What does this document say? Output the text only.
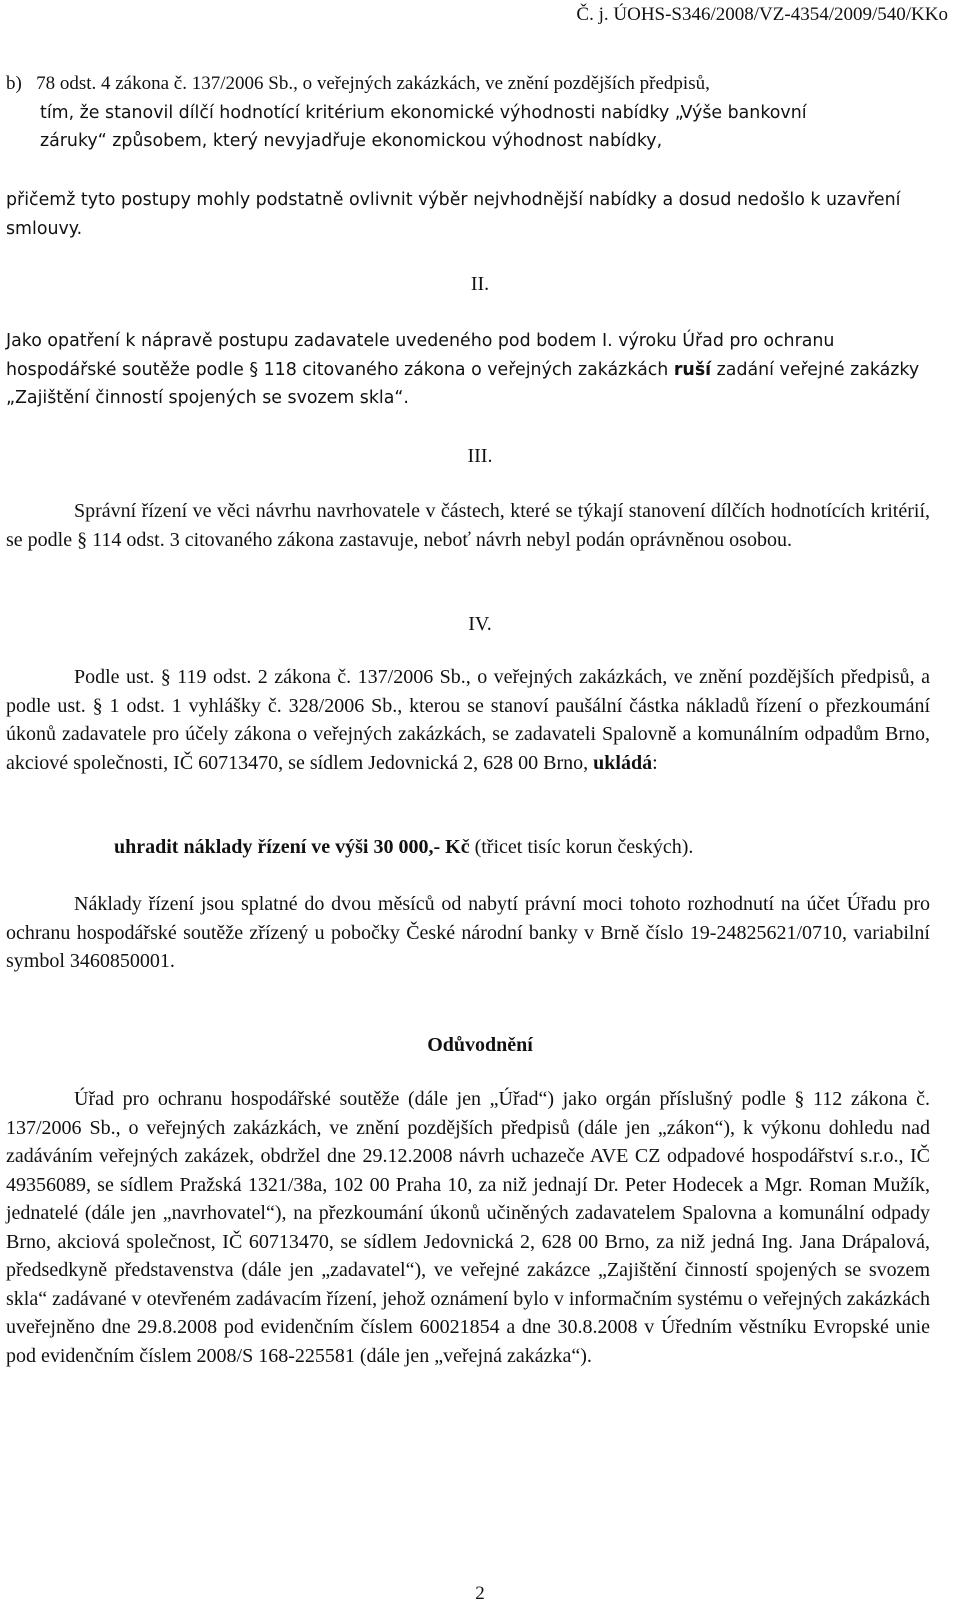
Č. j. ÚOHS-S346/2008/VZ-4354/2009/540/KKo
b)   78 odst. 4 zákona č. 137/2006 Sb., o veřejných zakázkách, ve znění pozdějších předpisů,
tím, že stanovil dílčí hodnotící kritérium ekonomické výhodnosti nabídky „Výše bankovní
záruky“ způsobem, který nevyjadřuje ekonomickou výhodnost nabídky,

přičemž tyto postupy mohly podstatně ovlivnit výběr nejvhodnější nabídky a dosud nedošlo k uzavření smlouvy.

II.

Jako opatření k nápravě postupu zadavatele uvedeného pod bodem I. výroku Úřad pro ochranu hospodářské soutěže podle § 118 citovaného zákona o veřejných zakázkách ruší zadání veřejné zakázky „Zajištění činností spojených se svozem skla“.

III.

Správní řízení ve věci návrhu navrhovatele v částech, které se týkají stanovení dílčích hodnotících kritérií, se podle § 114 odst. 3 citovaného zákona zastavuje, neboť návrh nebyl podán oprávněnou osobou.

IV.

Podle ust. § 119 odst. 2 zákona č. 137/2006 Sb., o veřejných zakázkách, ve znění pozdějších předpisů, a podle ust. § 1 odst. 1 vyhlášky č. 328/2006 Sb., kterou se stanoví paušální částka nákladů řízení o přezkoumání úkonů zadavatele pro účely zákona o veřejných zakázkách, se zadavateli Spalovně a komunálním odpadům Brno, akciové společnosti, IČ 60713470, se sídlem Jedovnická 2, 628 00 Brno, ukládá:

uhradit náklady řízení ve výši 30 000,- Kč (třicet tisíc korun českých).

Náklady řízení jsou splatné do dvou měsíců od nabytí právní moci tohoto rozhodnutí na účet Úřadu pro ochranu hospodářské soutěže zřízený u pobočky České národní banky v Brně číslo 19-24825621/0710, variabilní symbol 3460850001.

Odůvodnění

Úřad pro ochranu hospodářské soutěže (dále jen „Úřad“) jako orgán příslušný podle § 112 zákona č. 137/2006 Sb., o veřejných zakázkách, ve znění pozdějších předpisů (dále jen „zákon“), k výkonu dohledu nad zadáváním veřejných zakázek, obdržel dne 29.12.2008 návrh uchazeče AVE CZ odpadové hospodářství s.r.o., IČ 49356089, se sídlem Pražská 1321/38a, 102 00 Praha 10, za niž jednají Dr. Peter Hodecek a Mgr. Roman Mužík, jednatelé (dále jen „navrhovatel“), na přezkoumání úkonů učiněných zadavatelem Spalovna a komunální odpady Brno, akciová společnost, IČ 60713470, se sídlem Jedovnická 2, 628 00 Brno, za niž jedná Ing. Jana Drápalová, předsedkyně představenstva (dále jen „zadavatel“), ve veřejné zakázce „Zajištění činností spojených se svozem skla“ zadávané v otevřeném zadávacím řízení, jehož oznámení bylo v informačním systému o veřejných zakázkách uveřejněno dne 29.8.2008 pod evidenčním číslem 60021854 a dne 30.8.2008 v Úředním věstníku Evropské unie pod evidenčním číslem 2008/S 168-225581 (dále jen „veřejná zakázka“).

2
